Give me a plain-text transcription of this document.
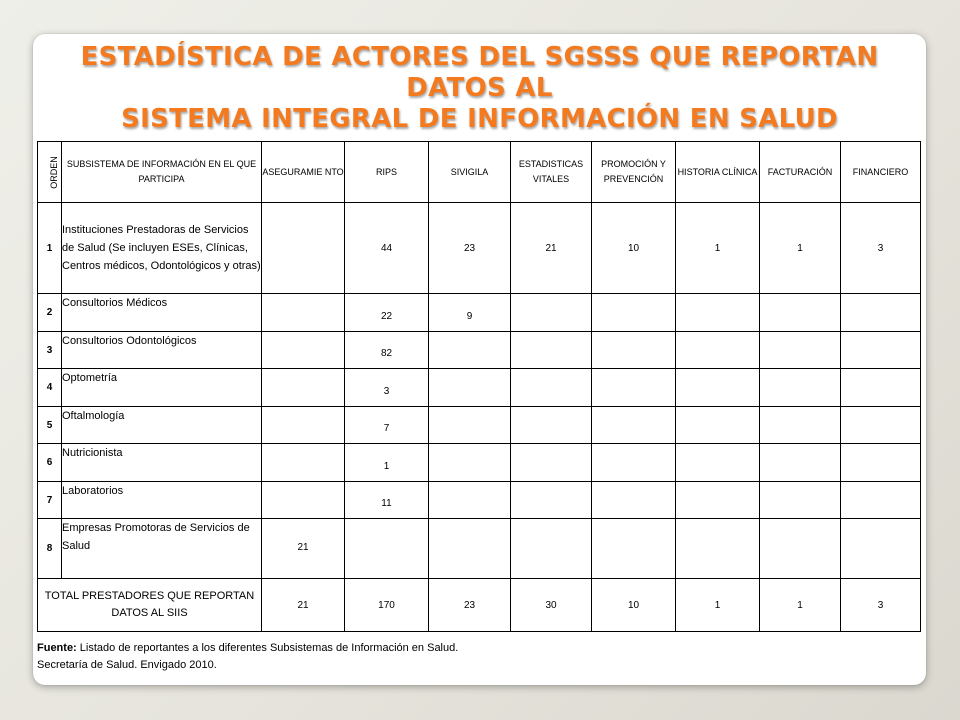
ESTADÍSTICA DE ACTORES DEL SGSSS QUE REPORTAN DATOS AL
SISTEMA INTEGRAL DE INFORMACIÓN EN SALUD
ORDEN	SUBSISTEMA DE INFORMACIÓN EN EL QUE PARTICIPA	ASEGURAMIE NTO	RIPS	SIVIGILA	ESTADISTICAS VITALES	PROMOCIÓN Y PREVENCIÓN	HISTORIA CLÍNICA	FACTURACIÓN	FINANCIERO
1	Instituciones Prestadoras de Servicios de Salud (Se incluyen ESEs, Clínicas, Centros médicos, Odontológicos y otras)		44	23	21	10	1	1	3
2	Consultorios Médicos		22	9					
3	Consultorios Odontológicos		82						
4	Optometría		3						
5	Oftalmología		7						
6	Nutricionista		1						
7	Laboratorios		11						
8	Empresas Promotoras de Servicios de Salud	21							
TOTAL PRESTADORES QUE REPORTAN DATOS AL SIIS		21	170	23	30	10	1	1	3
Fuente: Listado de reportantes a los diferentes Subsistemas de Información en Salud.
Secretaría de Salud. Envigado 2010.
